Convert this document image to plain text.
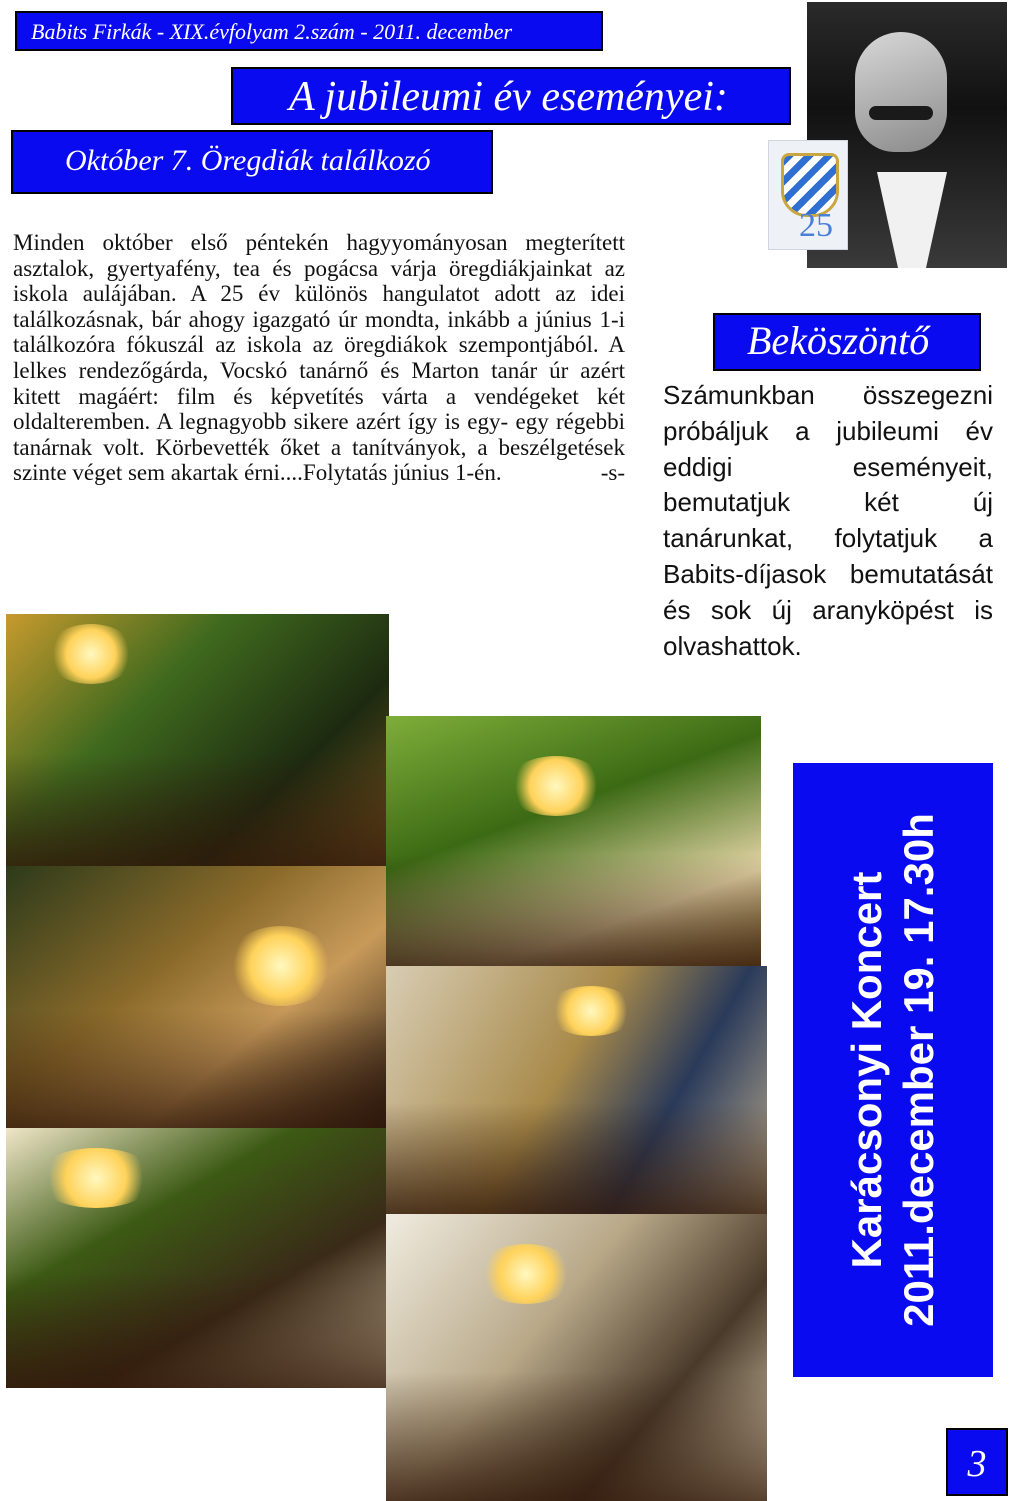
Babits Firkák - XIX.évfolyam 2.szám - 2011. december
A jubileumi év eseményei:
Október 7. Öregdiák találkozó
Minden október első péntekén hagyyományosan megterített asztalok, gyertyafény, tea és pogácsa várja öregdiákjainkat az iskola aulájában. A 25 év különös hangulatot adott az idei találkozásnak, bár ahogy igazgató úr mondta, inkább a június 1-i találkozóra fókuszál az iskola az öregdiákok szempontjából. A lelkes rendezőgárda, Vocskó tanárnő és Marton tanár úr azért kitett magáért: film és képvetítés várta a vendégeket két oldalteremben. A legnagyobb sikere azért így is egy- egy régebbi tanárnak volt. Körbevették őket a tanítványok, a beszélgetések szinte véget sem akartak érni....Folytatás június 1-én.	-s-
25
Beköszöntő
Számunkban összegezni próbáljuk a jubileumi év eddigi eseményeit, bemutatjuk két új tanárunkat, folytatjuk a Babits-díjasok bemutatását és sok új aranyköpést is olvashattok.
Karácsonyi Koncert 2011.december 19. 17.30h
3
